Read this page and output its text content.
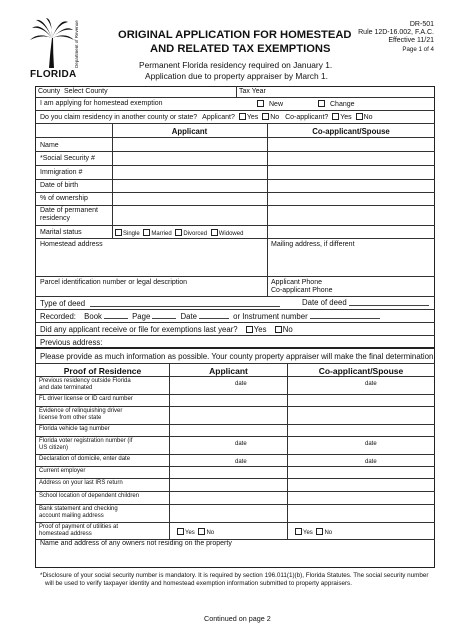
Department of Revenue
FLORIDA
ORIGINAL APPLICATION FOR HOMESTEAD
AND RELATED TAX EXEMPTIONS
DR-501
Rule 12D-16.002, F.A.C.
Effective 11/21
Page 1 of 4
Permanent Florida residency required on January 1.
Application due to property appraiser by March 1.
County Select County	Tax Year
I am applying for homestead exemption	New	Change
Do you claim residency in another county or state? Applicant? Yes No Co-applicant? Yes No
Applicant	Co-applicant/Spouse
Name
*Social Security #
Immigration #
Date of birth
% of ownership
Date of permanent
residency
Marital status	Single Married Divorced Widowed
Homestead address	Mailing address, if different
Parcel identification number or legal description	Applicant Phone
Co-applicant Phone
Type of deed	Date of deed
Recorded: Book	Page	Date	or Instrument number
Did any applicant receive or file for exemptions last year? Yes No
Previous address:
Please provide as much information as possible. Your county property appraiser will make the final determination.
Proof of Residence	Applicant	Co-applicant/Spouse
Previous residency outside Florida
and date terminated
date	date
FL driver license or ID card number
Evidence of relinquishing driver
license from other state
Florida vehicle tag number
Florida voter registration number (if
US citizen)
date	date
Declaration of domicile, enter date	date	date
Current employer
Address on your last IRS return
School location of dependent children
Bank statement and checking
account mailing address
Proof of payment of utilities at
homestead address	Yes No	Yes No
Name and address of any owners not residing on the property
*Disclosure of your social security number is mandatory. It is required by section 196.011(1)(b), Florida Statutes. The social security number
will be used to verify taxpayer identity and homestead exemption information submitted to property appraisers.
Continued on page 2
